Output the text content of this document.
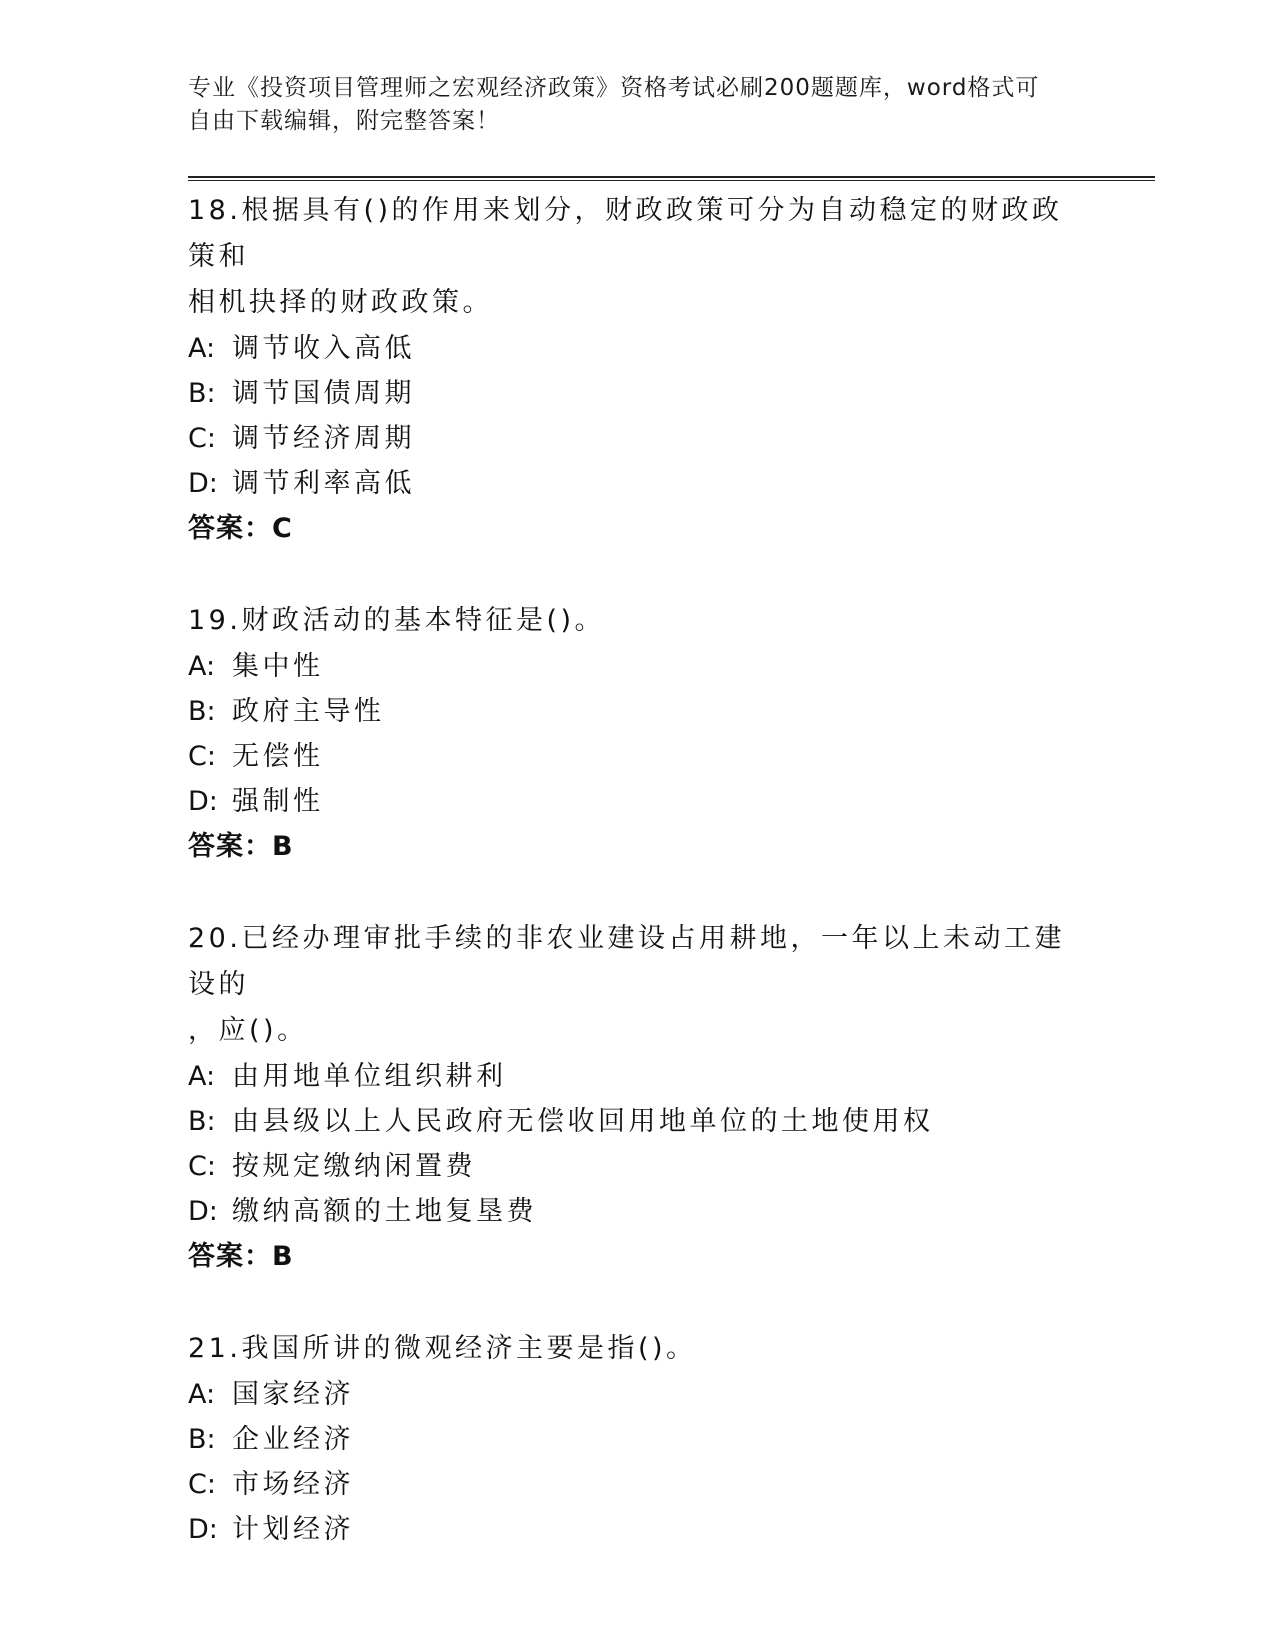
专业《投资项目管理师之宏观经济政策》资格考试必刷200题题库，word格式可
自由下载编辑，附完整答案！
18.根据具有()的作用来划分，财政政策可分为自动稳定的财政政策和
相机抉择的财政政策。
A: 调节收入高低
B: 调节国债周期
C: 调节经济周期
D: 调节利率高低
答案：C
19.财政活动的基本特征是()。
A: 集中性
B: 政府主导性
C: 无偿性
D: 强制性
答案：B
20.已经办理审批手续的非农业建设占用耕地，一年以上未动工建设的
，应()。
A: 由用地单位组织耕利
B: 由县级以上人民政府无偿收回用地单位的土地使用权
C: 按规定缴纳闲置费
D: 缴纳高额的土地复垦费
答案：B
21.我国所讲的微观经济主要是指()。
A: 国家经济
B: 企业经济
C: 市场经济
D: 计划经济
